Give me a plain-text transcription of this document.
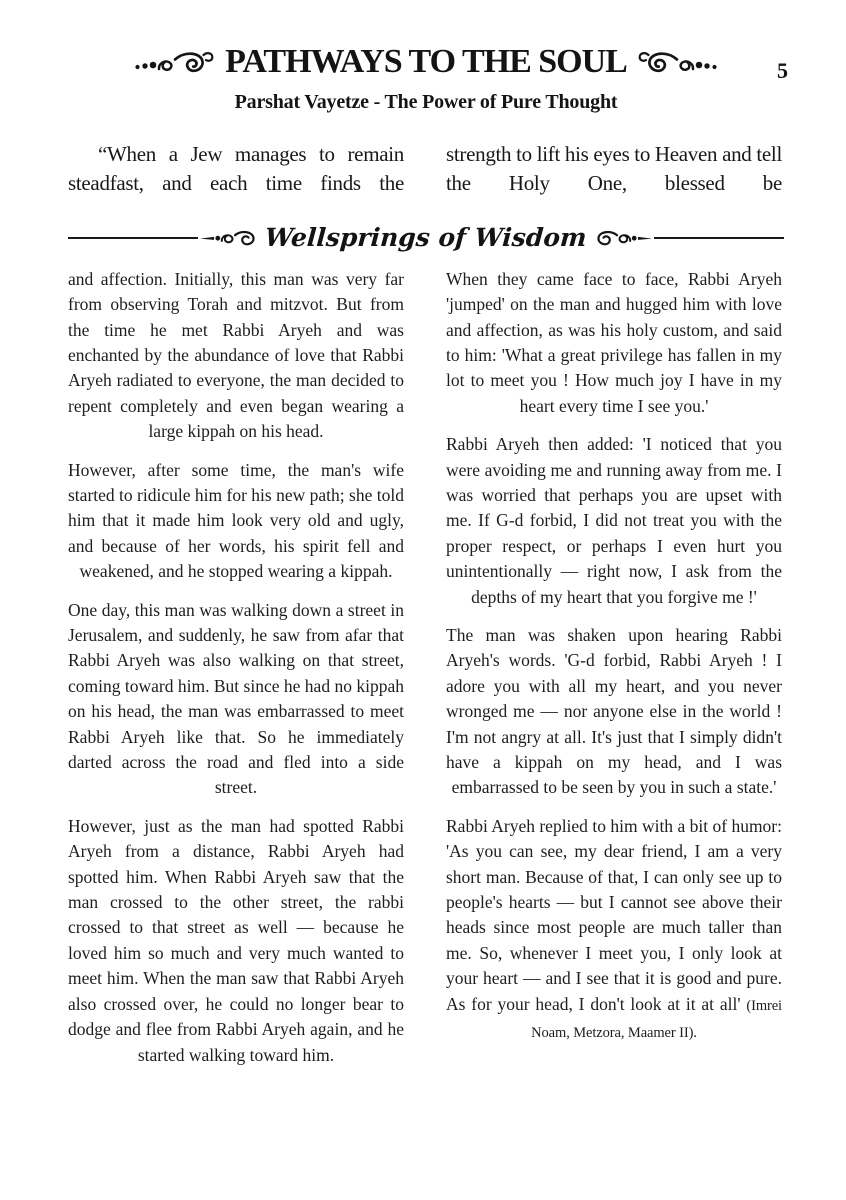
PATHWAYS TO THE SOUL	5
Parshat Vayetze - The Power of Pure Thought

“When a Jew manages to remain steadfast, and each time finds the

strength to lift his eyes to Heaven and tell the Holy One, blessed be

Wellsprings of Wisdom

and affection. Initially, this man was very far from observing Torah and mitzvot. But from the time he met Rabbi Aryeh and was enchanted by the abundance of love that Rabbi Aryeh radiated to everyone, the man decided to repent completely and even began wearing a large kippah on his head.

However, after some time, the man's wife started to ridicule him for his new path; she told him that it made him look very old and ugly, and because of her words, his spirit fell and weakened, and he stopped wearing a kippah.

One day, this man was walking down a street in Jerusalem, and suddenly, he saw from afar that Rabbi Aryeh was also walking on that street, coming toward him. But since he had no kippah on his head, the man was embarrassed to meet Rabbi Aryeh like that. So he immediately darted across the road and fled into a side street.

However, just as the man had spotted Rabbi Aryeh from a distance, Rabbi Aryeh had spotted him. When Rabbi Aryeh saw that the man crossed to the other street, the rabbi crossed to that street as well — because he loved him so much and very much wanted to meet him. When the man saw that Rabbi Aryeh also crossed over, he could no longer bear to dodge and flee from Rabbi Aryeh again, and he started walking toward him.

When they came face to face, Rabbi Aryeh 'jumped' on the man and hugged him with love and affection, as was his holy custom, and said to him: 'What a great privilege has fallen in my lot to meet you ! How much joy I have in my heart every time I see you.'

Rabbi Aryeh then added: 'I noticed that you were avoiding me and running away from me. I was worried that perhaps you are upset with me. If G-d forbid, I did not treat you with the proper respect, or perhaps I even hurt you unintentionally — right now, I ask from the depths of my heart that you forgive me !'

The man was shaken upon hearing Rabbi Aryeh's words. 'G-d forbid, Rabbi Aryeh ! I adore you with all my heart, and you never wronged me — nor anyone else in the world ! I'm not angry at all. It's just that I simply didn't have a kippah on my head, and I was embarrassed to be seen by you in such a state.'

Rabbi Aryeh replied to him with a bit of humor: 'As you can see, my dear friend, I am a very short man. Because of that, I can only see up to people's hearts — but I cannot see above their heads since most people are much taller than me. So, whenever I meet you, I only look at your heart — and I see that it is good and pure. As for your head, I don't look at it at all' (Imrei Noam, Metzora, Maamer II).
